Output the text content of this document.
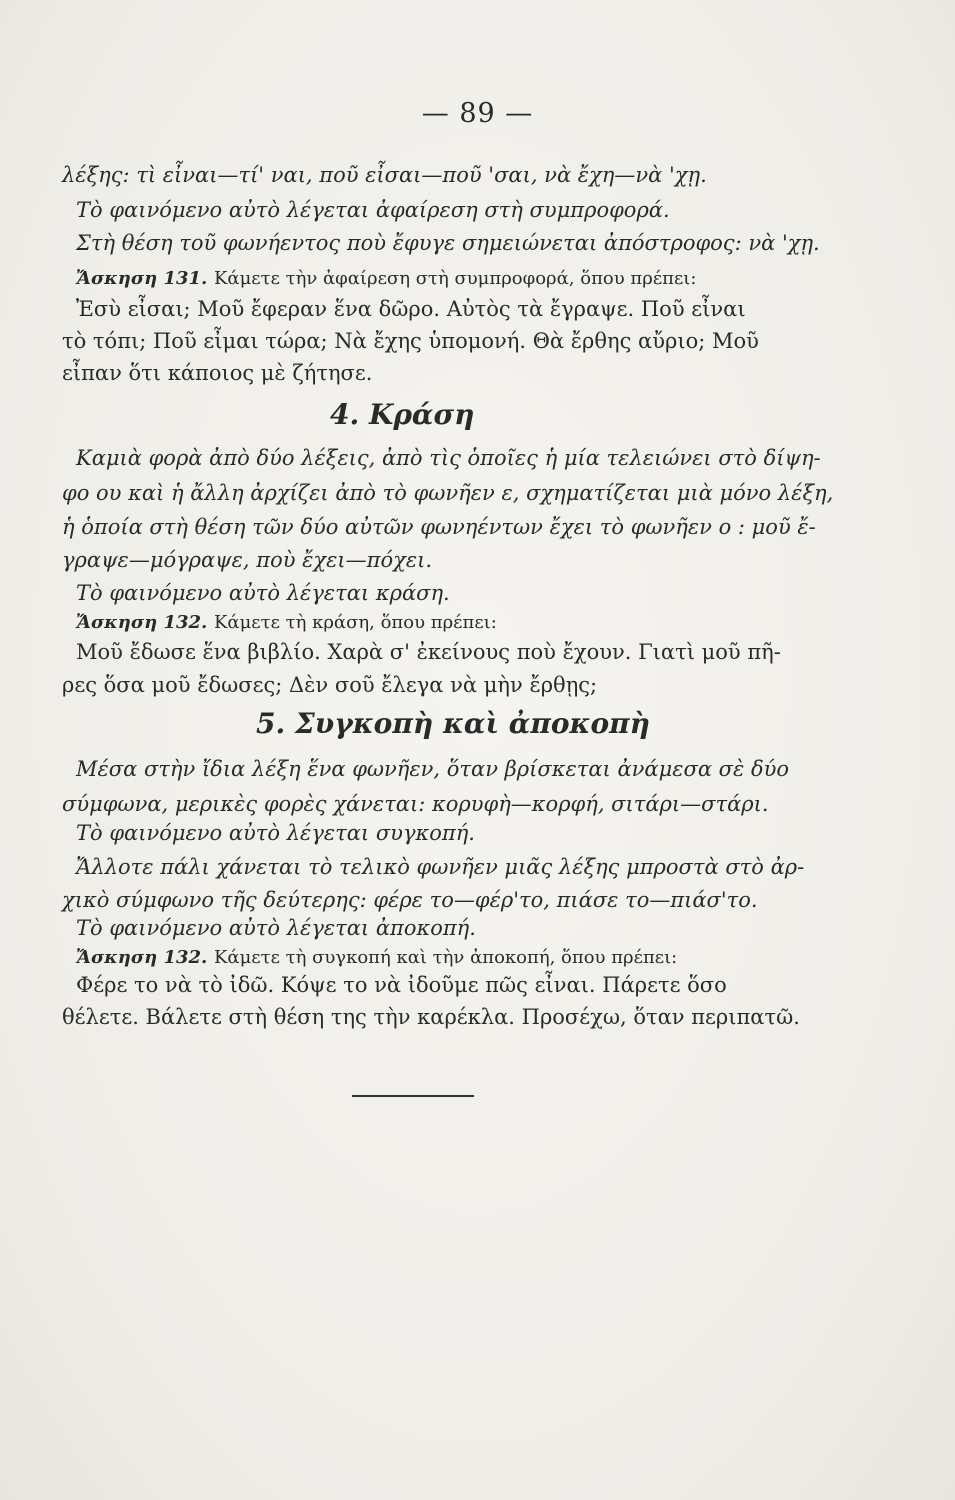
— 89 —
λέξης: τὶ εἶναι—τί' ναι, ποῦ εἶσαι—ποῦ 'σαι, νὰ ἔχη—νὰ 'χῃ.
Τὸ φαινόμενο αὐτὸ λέγεται ἀφαίρεση στὴ συμπροφορά.
Στὴ θέση τοῦ φωνήεντος ποὺ ἔφυγε σημειώνεται ἀπόστροφος: νὰ 'χῃ.
Ἄσκηση 131. Κάμετε τὴν ἀφαίρεση στὴ συμπροφορά, ὅπου πρέπει:
Ἐσὺ εἶσαι; Μοῦ ἔφεραν ἕνα δῶρο. Αὐτὸς τὰ ἔγραψε. Ποῦ εἶναι
τὸ τόπι; Ποῦ εἶμαι τώρα; Νὰ ἔχης ὑπομονή. Θὰ ἔρθης αὔριο; Μοῦ
εἶπαν ὅτι κάποιος μὲ ζήτησε.
4. Κράση
Καμιὰ φορὰ ἀπὸ δύο λέξεις, ἀπὸ τὶς ὁποῖες ἡ μία τελειώνει στὸ δίψη-
φο ου καὶ ἡ ἄλλη ἀρχίζει ἀπὸ τὸ φωνῆεν ε, σχηματίζεται μιὰ μόνο λέξη,
ἡ ὁποία στὴ θέση τῶν δύο αὐτῶν φωνηέντων ἔχει τὸ φωνῆεν ο : μοῦ ἔ-
γραψε—μόγραψε, ποὺ ἔχει—πόχει.
Τὸ φαινόμενο αὐτὸ λέγεται κράση.
Ἄσκηση 132. Κάμετε τὴ κράση, ὅπου πρέπει:
Μοῦ ἔδωσε ἕνα βιβλίο. Χαρὰ σ' ἐκείνους ποὺ ἔχουν. Γιατὶ μοῦ πῆ-
ρες ὅσα μοῦ ἔδωσες; Δὲν σοῦ ἔλεγα νὰ μὴν ἔρθῃς;
5. Συγκοπὴ καὶ ἀποκοπὴ
Μέσα στὴν ἴδια λέξη ἕνα φωνῆεν, ὅταν βρίσκεται ἀνάμεσα σὲ δύο
σύμφωνα, μερικὲς φορὲς χάνεται: κορυφὴ—κορφή, σιτάρι—στάρι.
Τὸ φαινόμενο αὐτὸ λέγεται συγκοπή.
Ἄλλοτε πάλι χάνεται τὸ τελικὸ φωνῆεν μιᾶς λέξης μπροστὰ στὸ ἀρ-
χικὸ σύμφωνο τῆς δεύτερης: φέρε το—φέρ'το, πιάσε το—πιάσ'το.
Τὸ φαινόμενο αὐτὸ λέγεται ἀποκοπή.
Ἄσκηση 132. Κάμετε τὴ συγκοπή καὶ τὴν ἀποκοπή, ὅπου πρέπει:
Φέρε το νὰ τὸ ἰδῶ. Κόψε το νὰ ἰδοῦμε πῶς εἶναι. Πάρετε ὅσο
θέλετε. Βάλετε στὴ θέση της τὴν καρέκλα. Προσέχω, ὅταν περιπατῶ.
